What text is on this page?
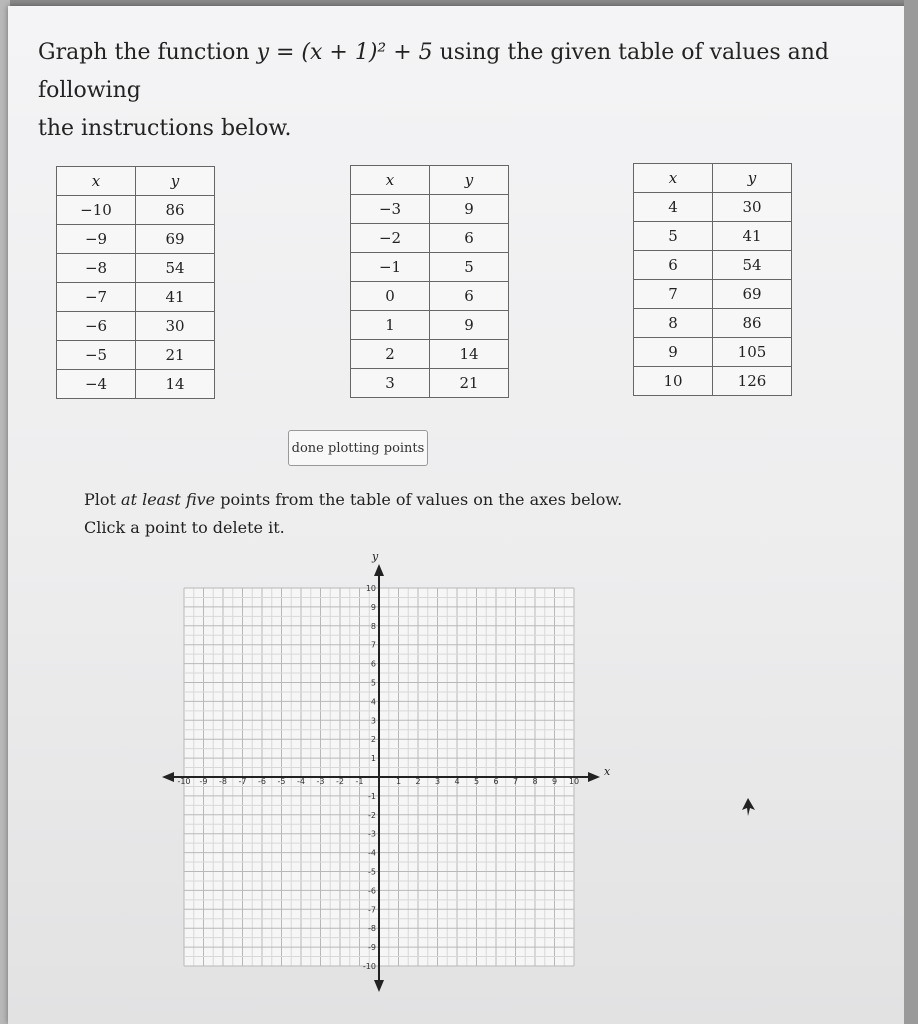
Graph the function y = (x + 1)² + 5 using the given table of values and following
the instructions below.
x	y
−10	86
−9	69
−8	54
−7	41
−6	30
−5	21
−4	14
x	y
−3	9
−2	6
−1	5
0	6
1	9
2	14
3	21
x	y
4	30
5	41
6	54
7	69
8	86
9	105
10	126
done plotting points
Plot at least five points from the table of values on the axes below. Click a point to delete it.
x
y
-10 -9 -8 -7 -6 -5 -4 -3 -2 -1	1 2 3 4 5 6 7 8 9 10
10
9
8
7
6
5
4
3
2
1
-1
-2
-3
-4
-5
-6
-7
-8
-9
-10
